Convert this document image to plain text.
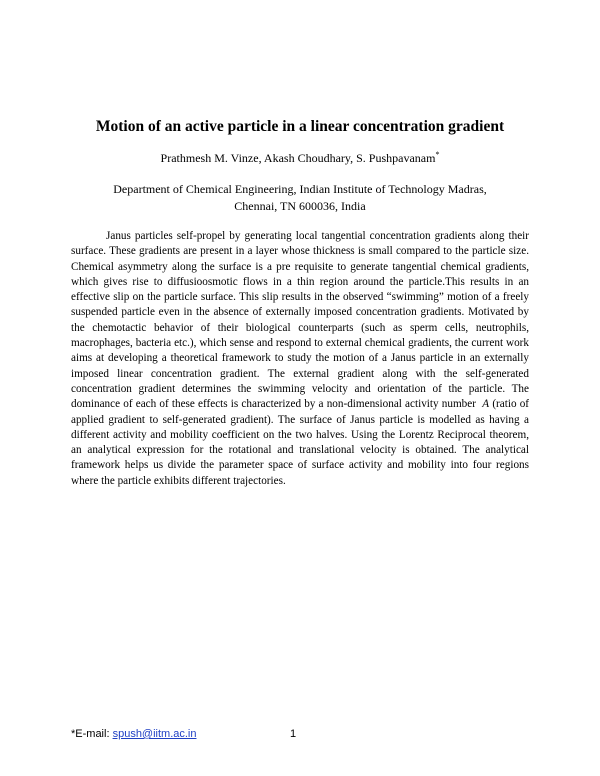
Motion of an active particle in a linear concentration gradient
Prathmesh M. Vinze, Akash Choudhary, S. Pushpavanam*
Department of Chemical Engineering, Indian Institute of Technology Madras,
Chennai, TN 600036, India

Janus particles self-propel by generating local tangential concentration gradients along their surface. These gradients are present in a layer whose thickness is small compared to the particle size. Chemical asymmetry along the surface is a pre requisite to generate tangential chemical gradients, which gives rise to diffusioosmotic flows in a thin region around the particle.This results in an effective slip on the particle surface. This slip results in the observed “swimming” motion of a freely suspended particle even in the absence of externally imposed concentration gradients. Motivated by the chemotactic behavior of their biological counterparts (such as sperm cells, neutrophils, macrophages, bacteria etc.), which sense and respond to external chemical gradients, the current work aims at developing a theoretical framework to study the motion of a Janus particle in an externally imposed linear concentration gradient. The external gradient along with the self-generated concentration gradient determines the swimming velocity and orientation of the particle. The dominance of each of these effects is characterized by a non-dimensional activity number A (ratio of applied gradient to self-generated gradient). The surface of Janus particle is modelled as having a different activity and mobility coefficient on the two halves. Using the Lorentz Reciprocal theorem, an analytical expression for the rotational and translational velocity is obtained. The analytical framework helps us divide the parameter space of surface activity and mobility into four regions where the particle exhibits different trajectories.

*E-mail: spush@iitm.ac.in	1
